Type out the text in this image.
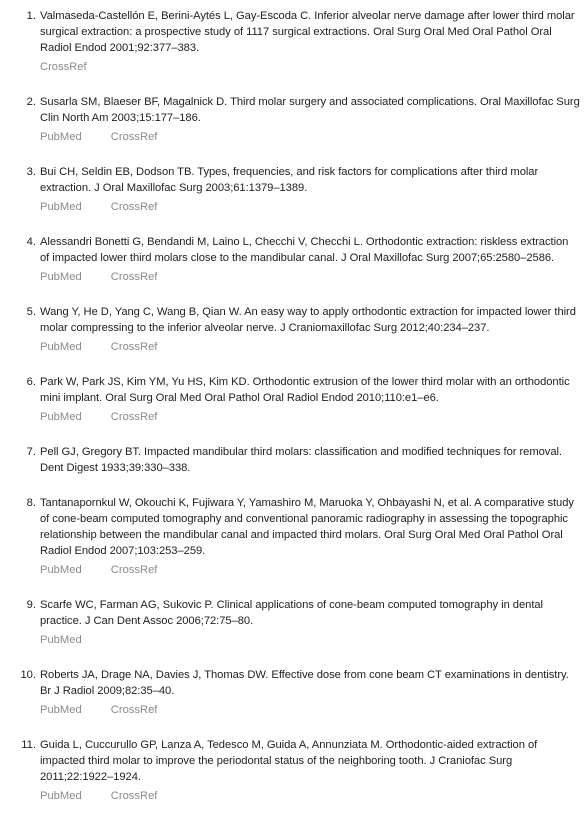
1. Valmaseda-Castellón E, Berini-Aytés L, Gay-Escoda C. Inferior alveolar nerve damage after lower third molar surgical extraction: a prospective study of 1117 surgical extractions. Oral Surg Oral Med Oral Pathol Oral Radiol Endod 2001;92:377–383.

CrossRef
2. Susarla SM, Blaeser BF, Magalnick D. Third molar surgery and associated complications. Oral Maxillofac Surg Clin North Am 2003;15:177–186.

PubMed	CrossRef
3. Bui CH, Seldin EB, Dodson TB. Types, frequencies, and risk factors for complications after third molar extraction. J Oral Maxillofac Surg 2003;61:1379–1389.

PubMed	CrossRef
4. Alessandri Bonetti G, Bendandi M, Laino L, Checchi V, Checchi L. Orthodontic extraction: riskless extraction of impacted lower third molars close to the mandibular canal. J Oral Maxillofac Surg 2007;65:2580–2586.

PubMed	CrossRef
5. Wang Y, He D, Yang C, Wang B, Qian W. An easy way to apply orthodontic extraction for impacted lower third molar compressing to the inferior alveolar nerve. J Craniomaxillofac Surg 2012;40:234–237.

PubMed	CrossRef
6. Park W, Park JS, Kim YM, Yu HS, Kim KD. Orthodontic extrusion of the lower third molar with an orthodontic mini implant. Oral Surg Oral Med Oral Pathol Oral Radiol Endod 2010;110:e1–e6.

PubMed	CrossRef
7. Pell GJ, Gregory BT. Impacted mandibular third molars: classification and modified techniques for removal. Dent Digest 1933;39:330–338.

8. Tantanapornkul W, Okouchi K, Fujiwara Y, Yamashiro M, Maruoka Y, Ohbayashi N, et al. A comparative study of cone-beam computed tomography and conventional panoramic radiography in assessing the topographic relationship between the mandibular canal and impacted third molars. Oral Surg Oral Med Oral Pathol Oral Radiol Endod 2007;103:253–259.

PubMed	CrossRef
9. Scarfe WC, Farman AG, Sukovic P. Clinical applications of cone-beam computed tomography in dental practice. J Can Dent Assoc 2006;72:75–80.

PubMed
10. Roberts JA, Drage NA, Davies J, Thomas DW. Effective dose from cone beam CT examinations in dentistry. Br J Radiol 2009;82:35–40.

PubMed	CrossRef
11. Guida L, Cuccurullo GP, Lanza A, Tedesco M, Guida A, Annunziata M. Orthodontic-aided extraction of impacted third molar to improve the periodontal status of the neighboring tooth. J Craniofac Surg 2011;22:1922–1924.

PubMed	CrossRef
